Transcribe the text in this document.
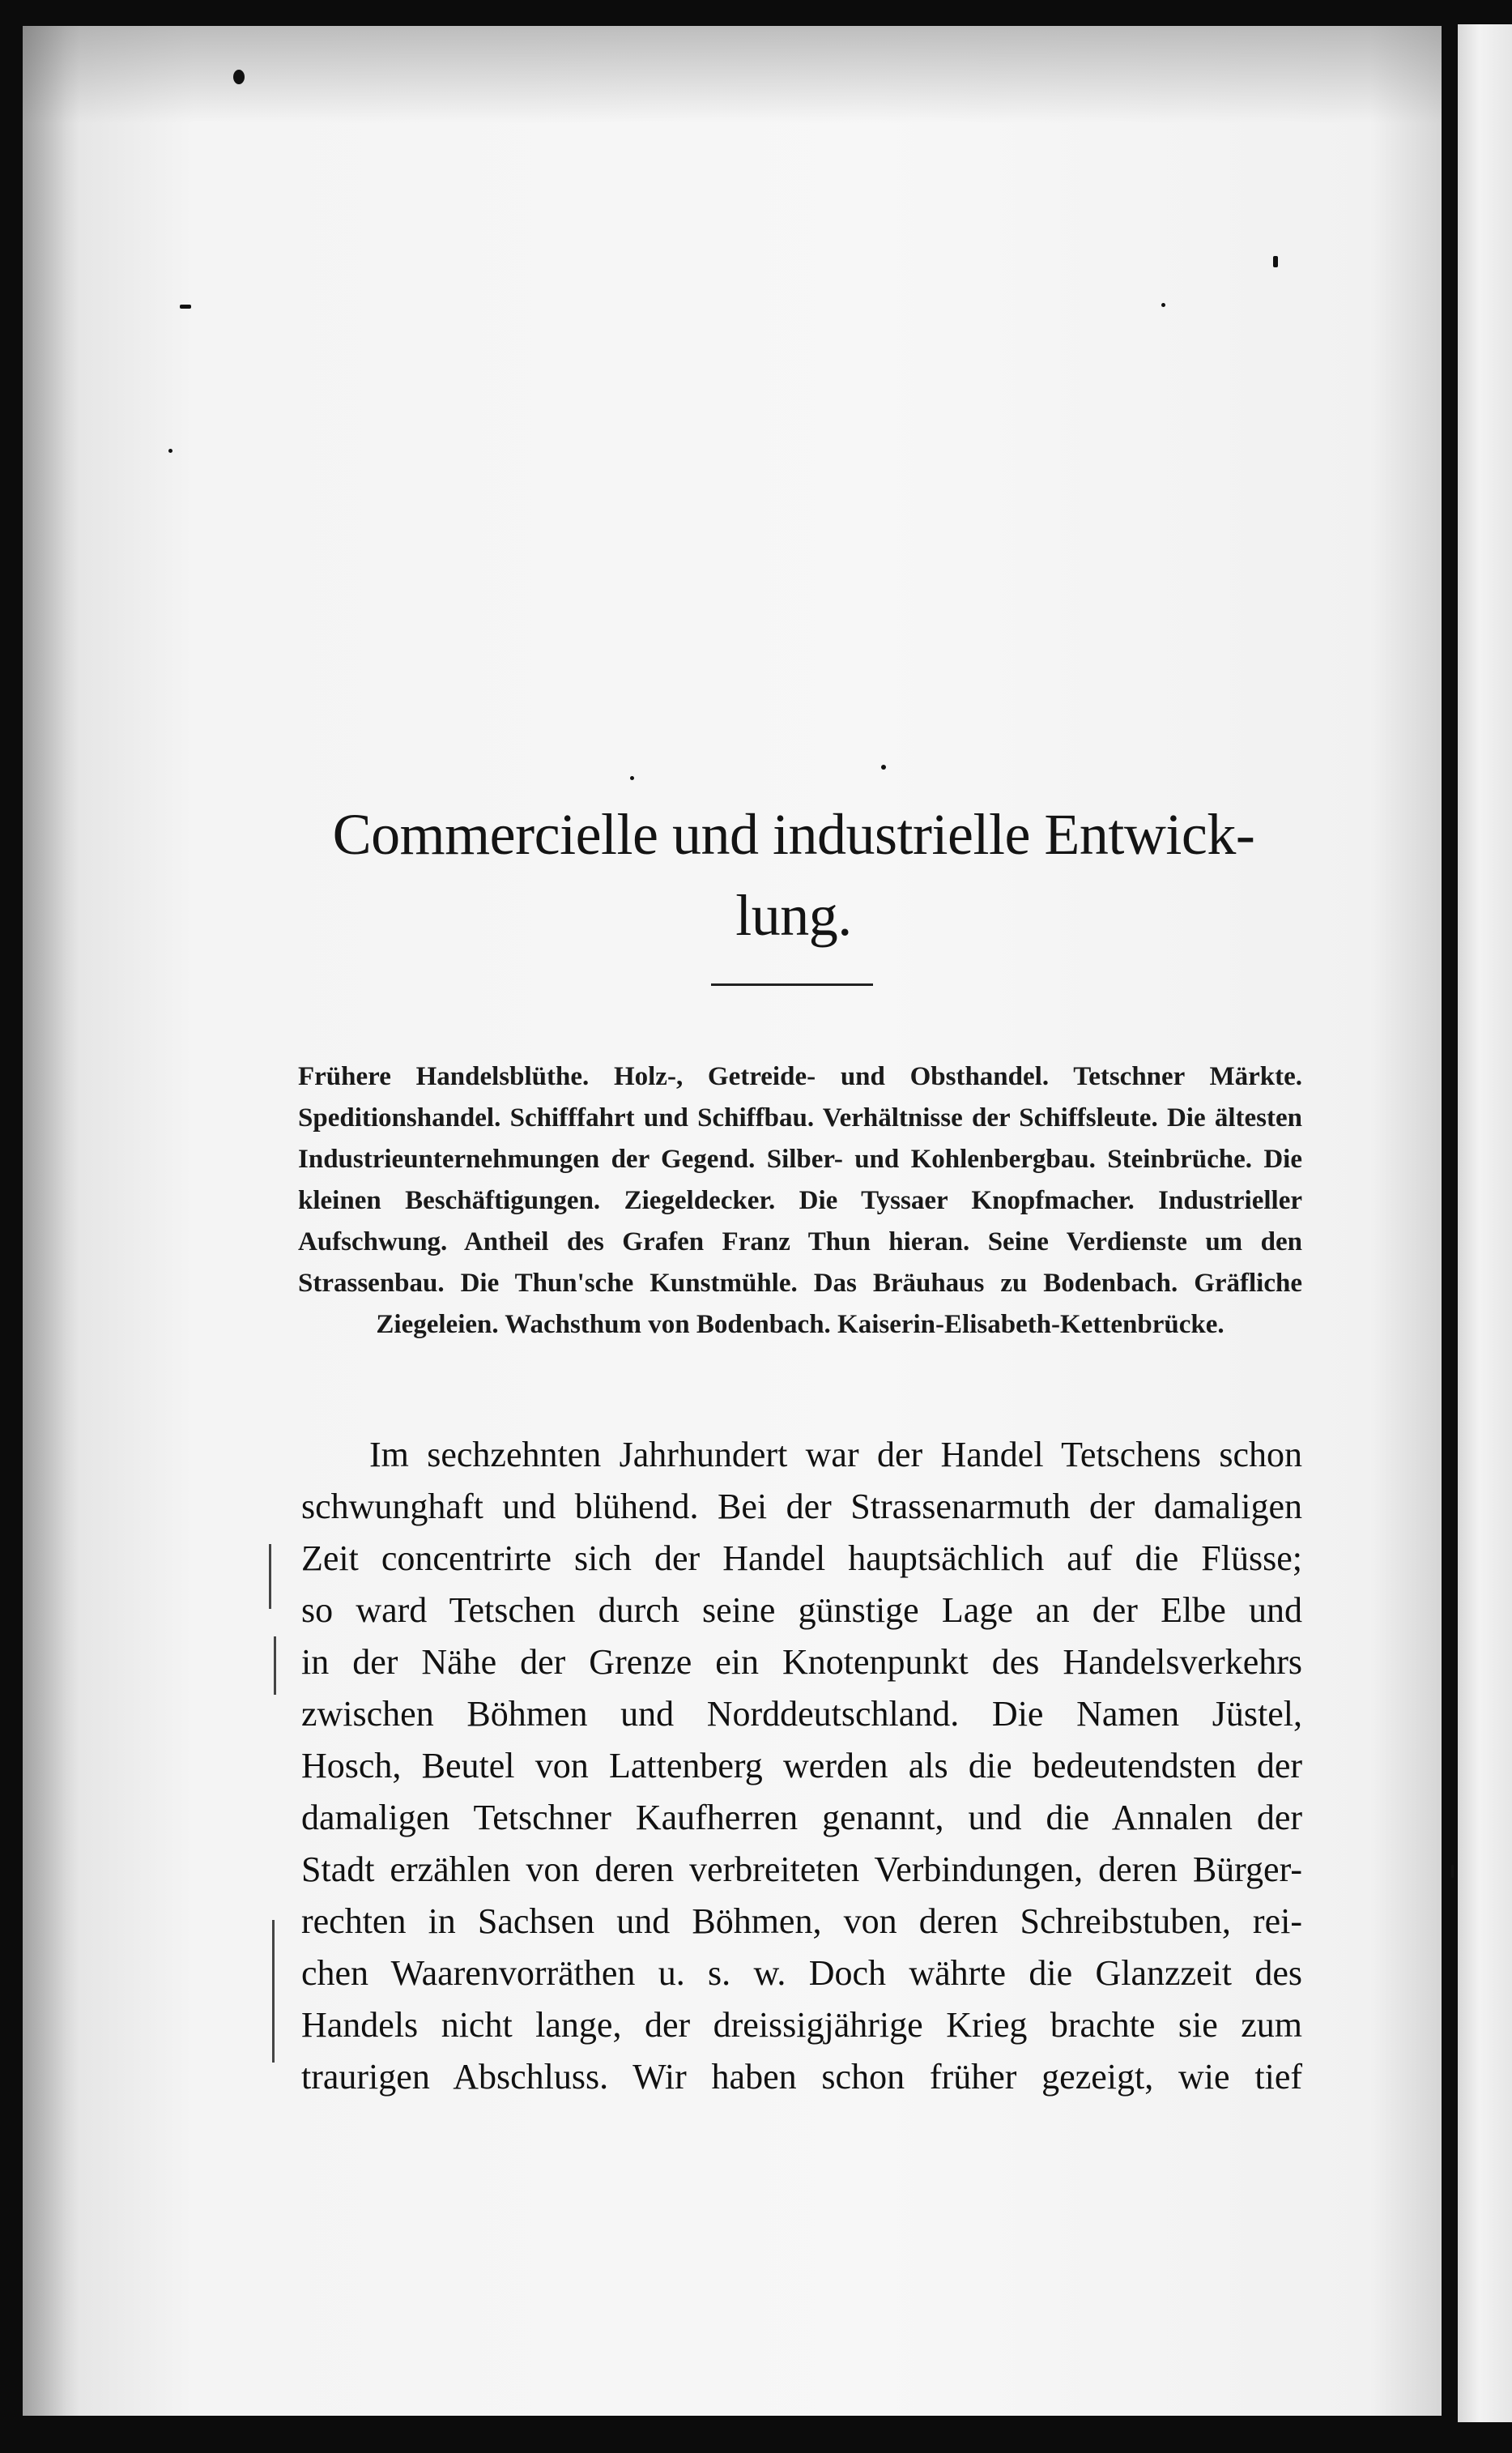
Commercielle und industrielle Entwick-
lung.
Frühere Handelsblüthe. Holz-, Getreide- und Obsthandel. Tetschner Märkte. Speditionshandel. Schifffahrt und Schiffbau. Verhältnisse der Schiffsleute. Die ältesten Industrieunternehmungen der Gegend. Silber- und Kohlenbergbau. Steinbrüche. Die kleinen Beschäftigungen. Ziegeldecker. Die Tyssaer Knopfmacher. Industrieller Aufschwung. Antheil des Grafen Franz Thun hieran. Seine Verdienste um den Strassenbau. Die Thun'sche Kunstmühle. Das Bräuhaus zu Bodenbach. Gräfliche Ziegeleien. Wachsthum von Bodenbach. Kaiserin-Elisabeth-Kettenbrücke.
Im sechzehnten Jahrhundert war der Handel Tetschens schon
schwunghaft und blühend. Bei der Strassenarmuth der damaligen
Zeit concentrirte sich der Handel hauptsächlich auf die Flüsse;
so ward Tetschen durch seine günstige Lage an der Elbe und
in der Nähe der Grenze ein Knotenpunkt des Handelsverkehrs
zwischen Böhmen und Norddeutschland. Die Namen Jüstel,
Hosch, Beutel von Lattenberg werden als die bedeutendsten der
damaligen Tetschner Kaufherren genannt, und die Annalen der
Stadt erzählen von deren verbreiteten Verbindungen, deren Bürger-
rechten in Sachsen und Böhmen, von deren Schreibstuben, rei-
chen Waarenvorräthen u. s. w. Doch währte die Glanzzeit des
Handels nicht lange, der dreissigjährige Krieg brachte sie zum
traurigen Abschluss. Wir haben schon früher gezeigt, wie tief
